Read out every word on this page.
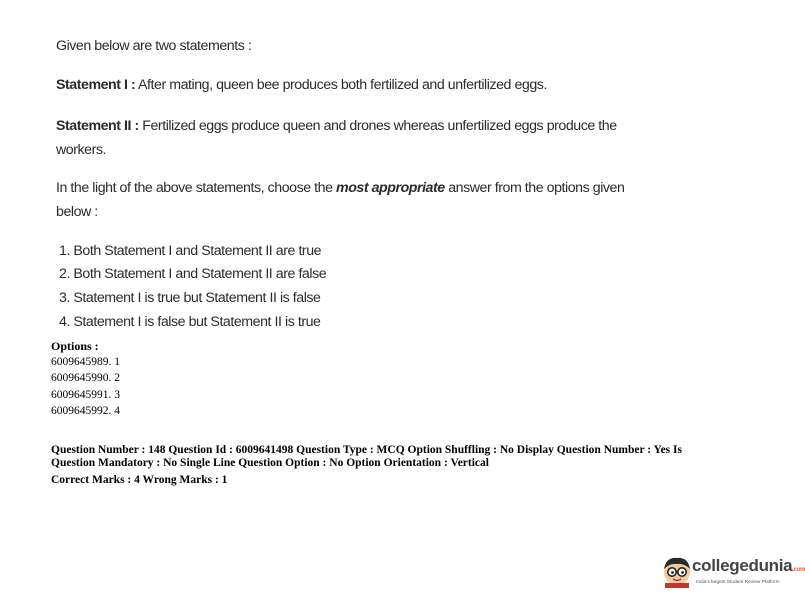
Given below are two statements :
Statement I : After mating, queen bee produces both fertilized and unfertilized eggs.
Statement II : Fertilized eggs produce queen and drones whereas unfertilized eggs produce the
workers.
In the light of the above statements, choose the most appropriate answer from the options given
below :
1. Both Statement I and Statement II are true
2. Both Statement I and Statement II are false
3. Statement I is true but Statement II is false
4. Statement I is false but Statement II is true
Options :
6009645989. 1
6009645990. 2
6009645991. 3
6009645992. 4
Question Number : 148 Question Id : 6009641498 Question Type : MCQ Option Shuffling : No Display Question Number : Yes Is
Question Mandatory : No Single Line Question Option : No Option Orientation : Vertical
Correct Marks : 4 Wrong Marks : 1
collegedunia.com
India's largest Student Review Platform
